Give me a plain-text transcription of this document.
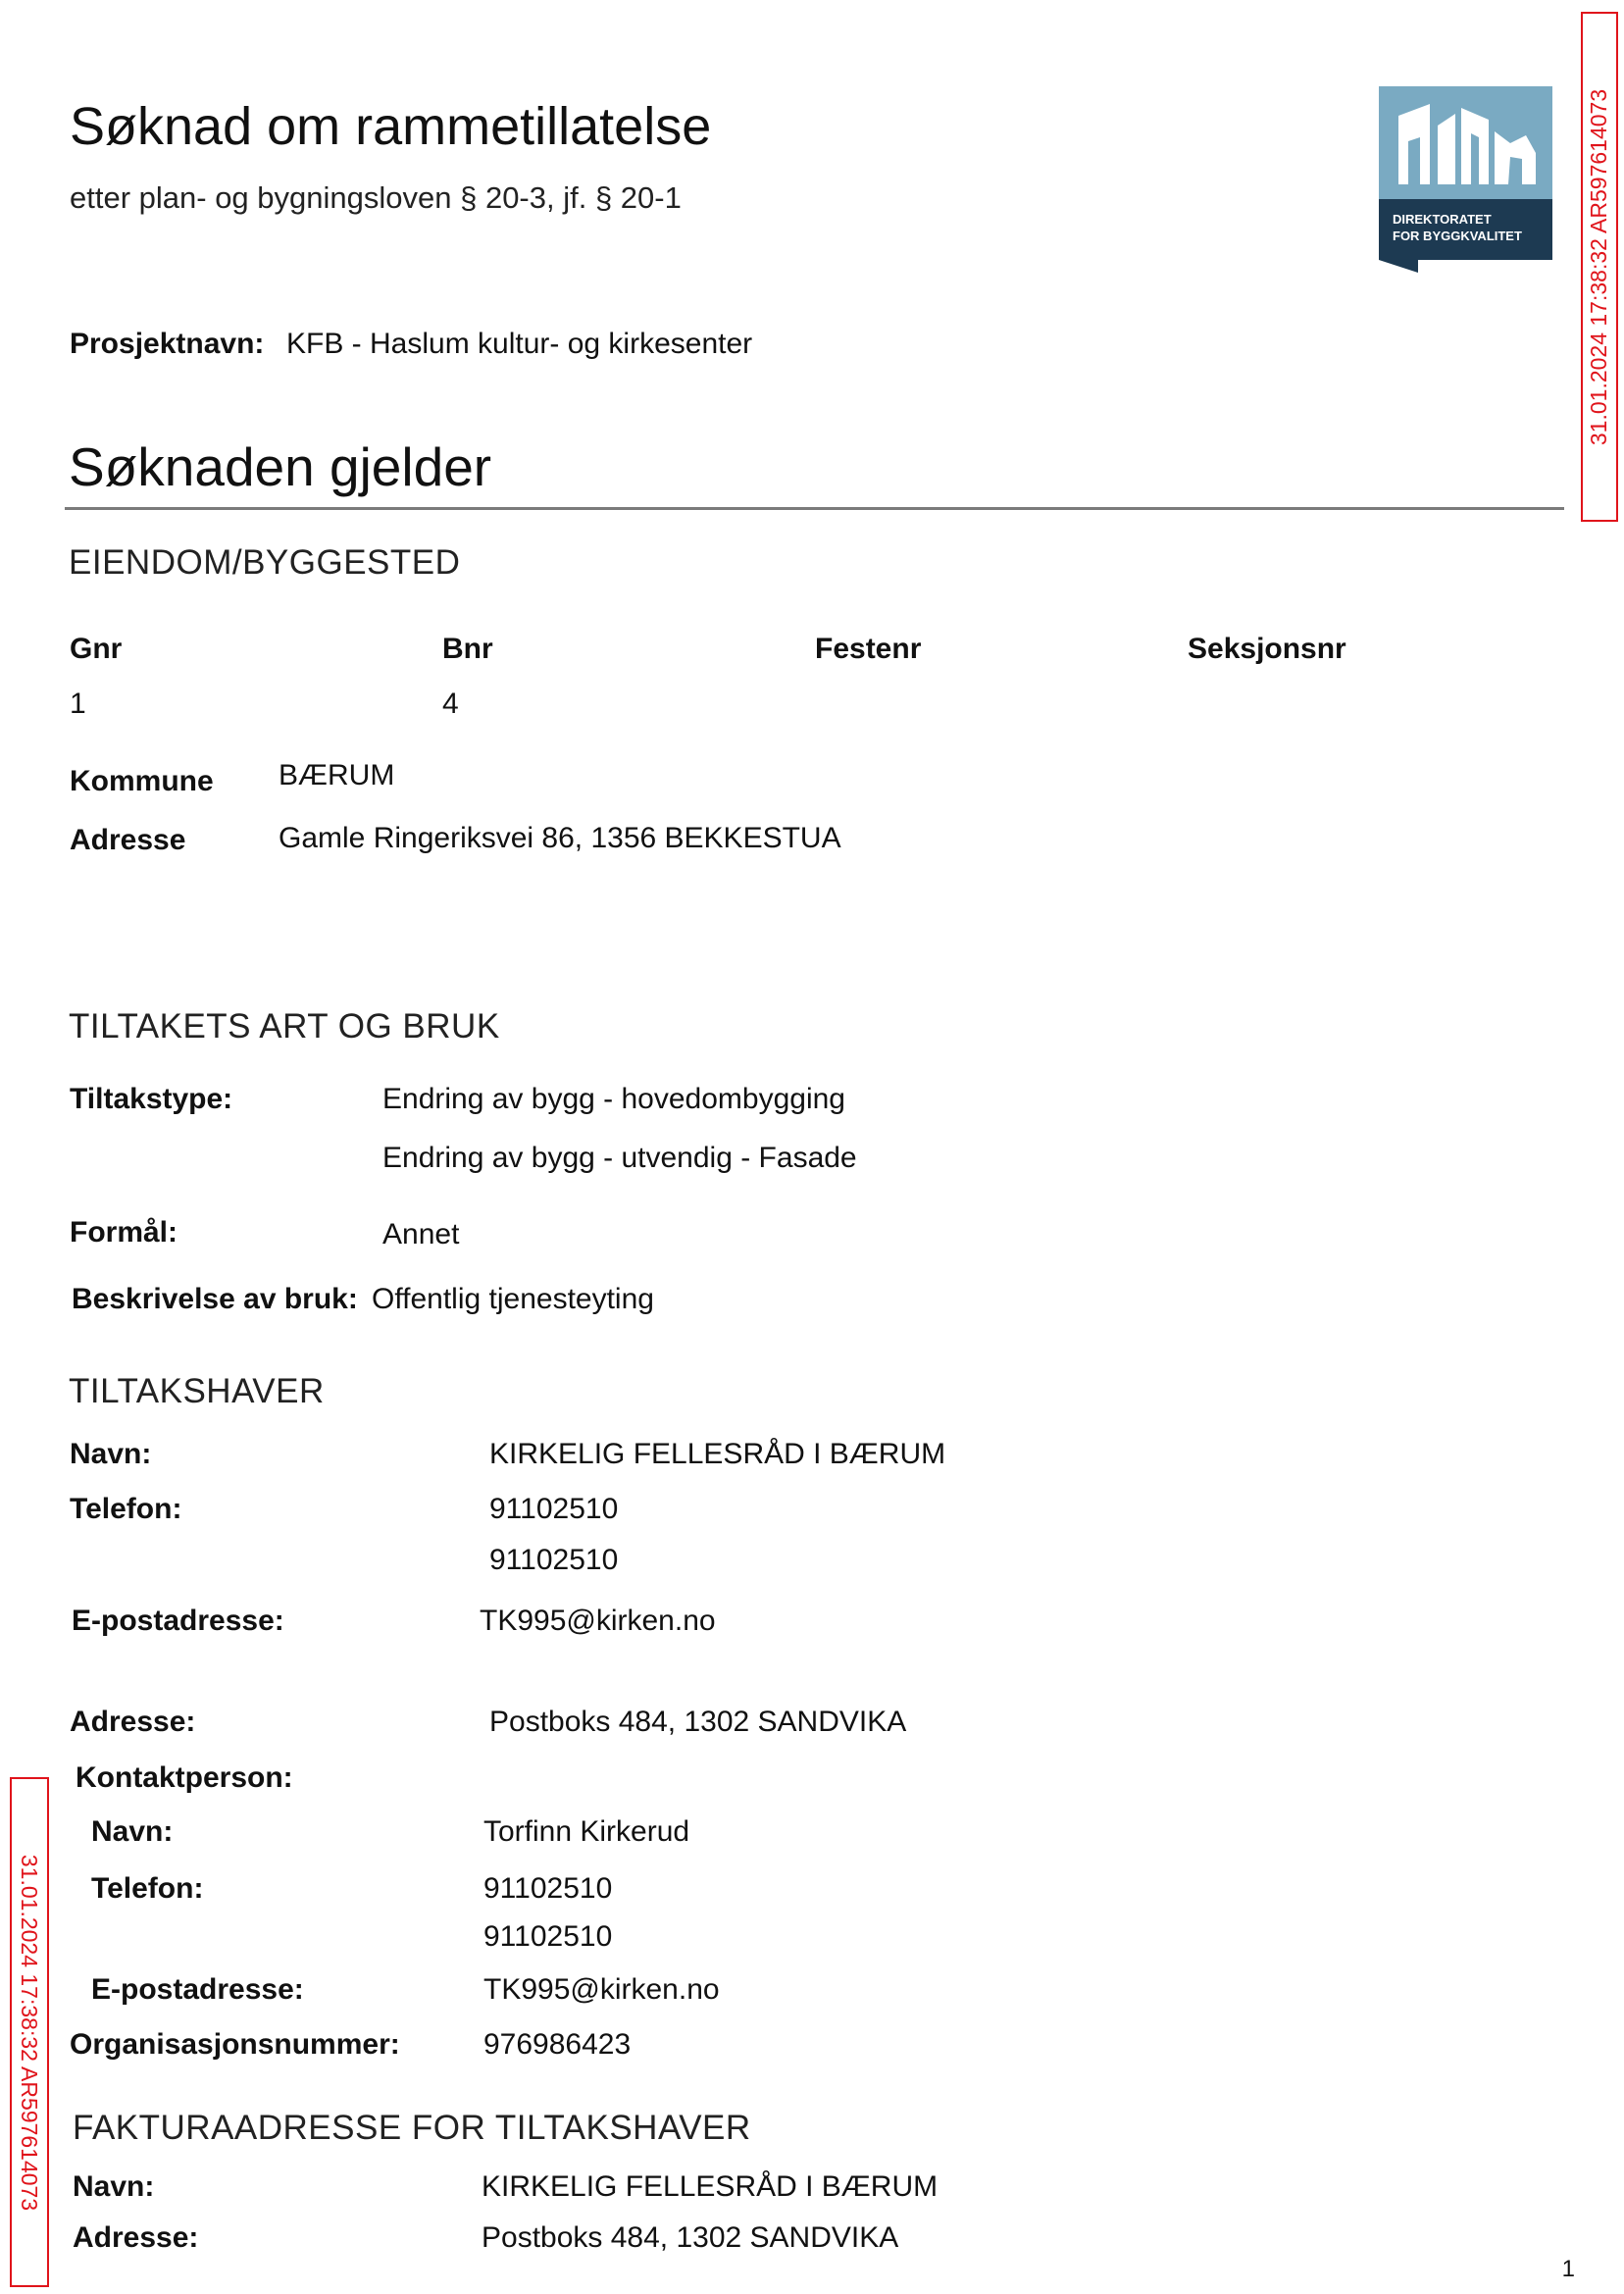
Søknad om rammetillatelse
etter plan- og bygningsloven § 20-3, jf. § 20-1
DIREKTORATET
FOR BYGGKVALITET	31.01.2024 17:38:32 AR597614073
31.01.2024 17:38:32 AR597614073
Prosjektnavn: KFB - Haslum kultur- og kirkesenter
Søknaden gjelder
EIENDOM/BYGGESTED
Gnr	Bnr	Festenr	Seksjonsnr
1	4
Kommune BÆRUM
Adresse	Gamle Ringeriksvei 86, 1356 BEKKESTUA
TILTAKETS ART OG BRUK
Tiltakstype:	Endring av bygg - hovedombygging
Endring av bygg - utvendig - Fasade
Formål:	Annet
Beskrivelse av bruk: Offentlig tjenesteyting
TILTAKSHAVER
Navn:	KIRKELIG FELLESRÅD I BÆRUM
Telefon:	91102510
91102510
E-postadresse:	TK995@kirken.no
Adresse:	Postboks 484, 1302 SANDVIKA
Kontaktperson:
Navn:	Torfinn Kirkerud
Telefon:	91102510
91102510
E-postadresse:	TK995@kirken.no
Organisasjonsnummer:	976986423
FAKTURAADRESSE FOR TILTAKSHAVER
Navn:	KIRKELIG FELLESRÅD I BÆRUM
Adresse:	Postboks 484, 1302 SANDVIKA
1
